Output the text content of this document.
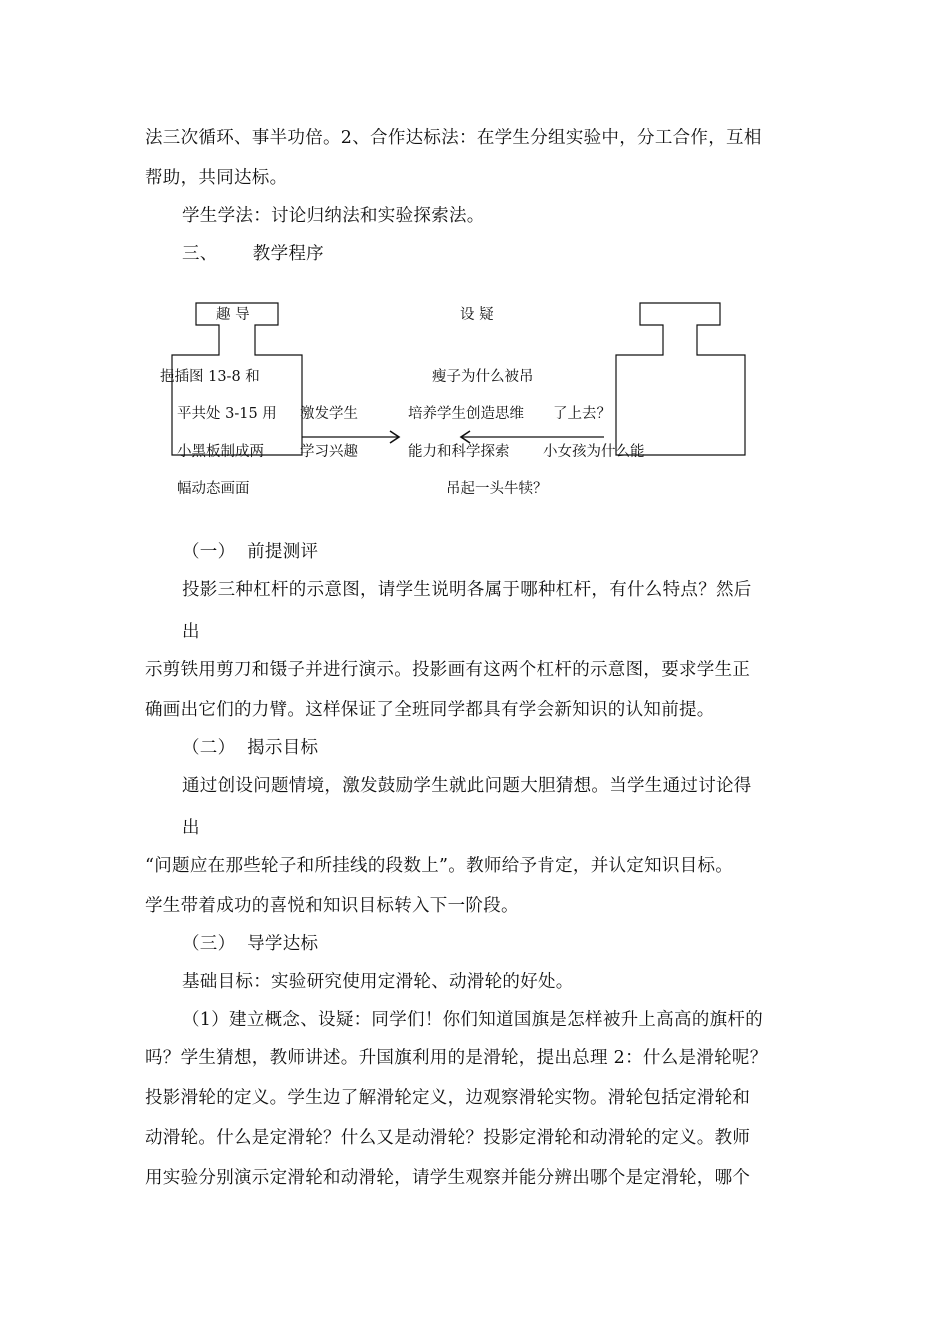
法三次循环、事半功倍。2、合作达标法：在学生分组实验中，分工合作，互相
帮助，共同达标。
学生学法：讨论归纳法和实验探索法。
三、      教学程序
趣 导	设 疑
挹插图 13-8 和
平共处 3-15 用
小黑板制成两
幅动态画面
激发学生
学习兴趣
瘦子为什么被吊
培养学生创造思维 了上去？
能力和科学探索 小女孩为什么能
吊起一头牛犊？
（一）  前提测评
投影三种杠杆的示意图，请学生说明各属于哪种杠杆，有什么特点？然后
出
示剪铁用剪刀和镊子并进行演示。投影画有这两个杠杆的示意图，要求学生正
确画出它们的力臂。这样保证了全班同学都具有学会新知识的认知前提。
（二）  揭示目标
通过创设问题情境，激发鼓励学生就此问题大胆猜想。当学生通过讨论得
出
“问题应在那些轮子和所挂线的段数上”。教师给予肯定，并认定知识目标。
学生带着成功的喜悦和知识目标转入下一阶段。
（三）  导学达标
基础目标：实验研究使用定滑轮、动滑轮的好处。
（1）建立概念、设疑：同学们！你们知道国旗是怎样被升上高高的旗杆的
吗？学生猜想，教师讲述。升国旗利用的是滑轮，提出总理 2：什么是滑轮呢？
投影滑轮的定义。学生边了解滑轮定义，边观察滑轮实物。滑轮包括定滑轮和
动滑轮。什么是定滑轮？什么又是动滑轮？投影定滑轮和动滑轮的定义。教师
用实验分别演示定滑轮和动滑轮，请学生观察并能分辨出哪个是定滑轮，哪个
